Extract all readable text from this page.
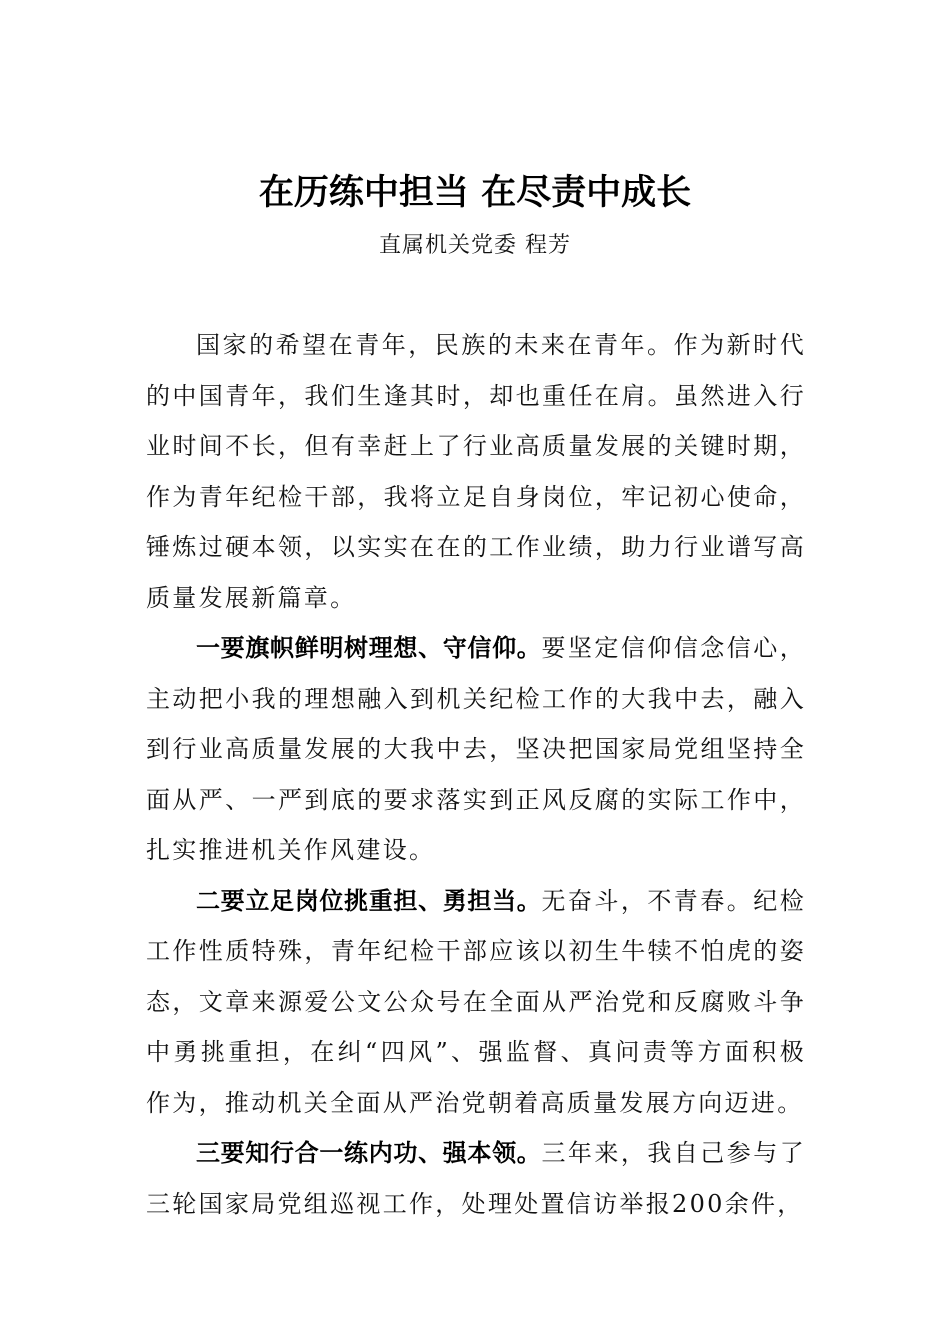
在历练中担当 在尽责中成长
直属机关党委 程芳

国家的希望在青年，民族的未来在青年。作为新时代的中国青年，我们生逢其时，却也重任在肩。虽然进入行业时间不长，但有幸赶上了行业高质量发展的关键时期，作为青年纪检干部，我将立足自身岗位，牢记初心使命，锤炼过硬本领，以实实在在的工作业绩，助力行业谱写高质量发展新篇章。

一要旗帜鲜明树理想、守信仰。要坚定信仰信念信心，主动把小我的理想融入到机关纪检工作的大我中去，融入到行业高质量发展的大我中去，坚决把国家局党组坚持全面从严、一严到底的要求落实到正风反腐的实际工作中，扎实推进机关作风建设。

二要立足岗位挑重担、勇担当。无奋斗，不青春。纪检工作性质特殊，青年纪检干部应该以初生牛犊不怕虎的姿态，文章来源爱公文公众号在全面从严治党和反腐败斗争中勇挑重担，在纠“四风”、强监督、真问责等方面积极作为，推动机关全面从严治党朝着高质量发展方向迈进。

三要知行合一练内功、强本领。三年来，我自己参与了三轮国家局党组巡视工作，处理处置信访举报200余件，
